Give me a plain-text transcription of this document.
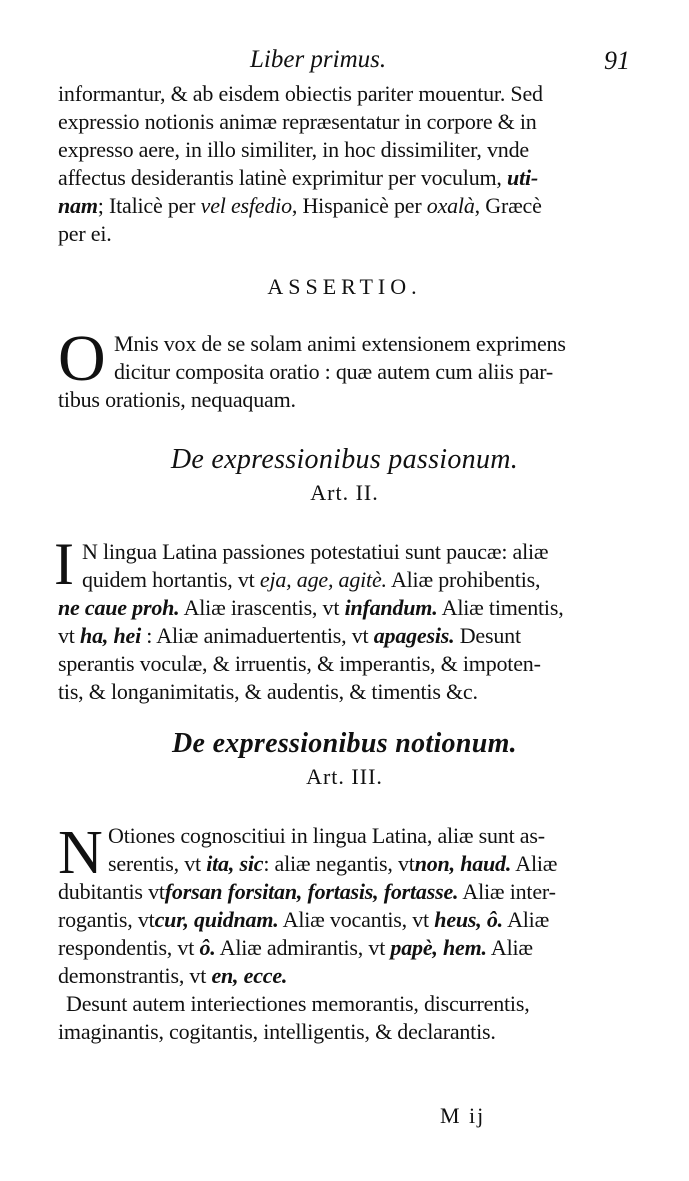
Liber primus.	91
informantur, & ab eisdem obiectis pariter mouentur. Sed
expressio notionis animæ repræsentatur in corpore & in
expresso aere, in illo similiter, in hoc dissimiliter, vnde
affectus desiderantis latinè exprimitur per voculum, uti-
nam; Italicè per vel esfedio, Hispanicè per oxalà, Græcè
per ei.
ASSERTIO.
O Mnis vox de se solam animi extensionem exprimens
dicitur composita oratio : quæ autem cum aliis par-
tibus orationis, nequaquam.
De expressionibus passionum.
Art. II.
I N lingua Latina passiones potestatiui sunt paucæ: aliæ
quidem hortantis, vt eja, age, agitè. Aliæ prohibentis,
ne caue proh. Aliæ irascentis, vt infandum. Aliæ timentis,
vt ha, hei : Aliæ animaduertentis, vt apagesis. Desunt
sperantis voculæ, & irruentis, & imperantis, & impoten-
tis, & longanimitatis, & audentis, & timentis &c.
De expressionibus notionum.
Art. III.
N Otiones cognoscitiui in lingua Latina, aliæ sunt as-
serentis, vt ita, sic: aliæ negantis, vtnon, haud. Aliæ
dubitantis vtforsan forsitan, fortasis, fortasse. Aliæ inter-
rogantis, vtcur, quidnam. Aliæ vocantis, vt heus, ô. Aliæ
respondentis, vt ô. Aliæ admirantis, vt papè, hem. Aliæ
demonstrantis, vt en, ecce.
Desunt autem interiectiones memorantis, discurrentis,
imaginantis, cogitantis, intelligentis, & declarantis.
M ij
